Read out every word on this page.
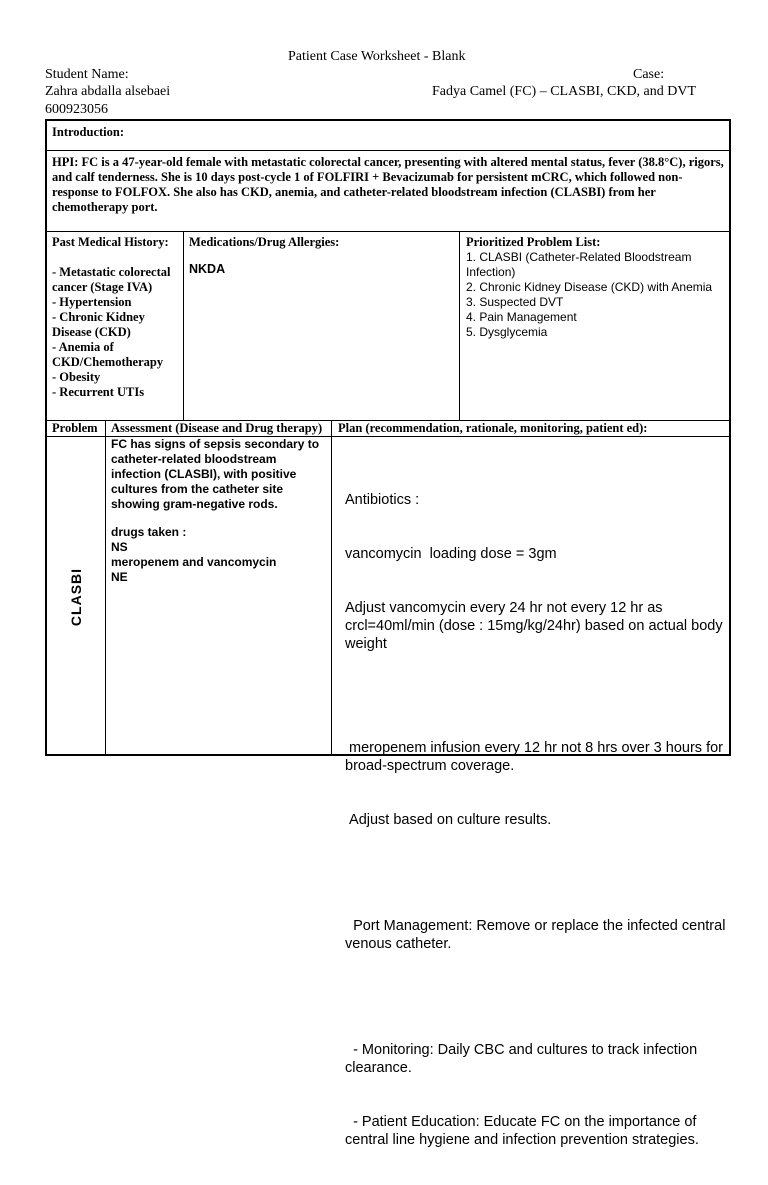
Patient Case Worksheet - Blank
Student Name:
Zahra abdalla alsebaei
600923056
Case:
Fadya Camel (FC) – CLASBI, CKD, and DVT
Introduction:
HPI: FC is a 47-year-old female with metastatic colorectal cancer, presenting with altered mental status, fever (38.8°C), rigors, and calf tenderness. She is 10 days post-cycle 1 of FOLFIRI + Bevacizumab for persistent mCRC, which followed non-response to FOLFOX. She also has CKD, anemia, and catheter-related bloodstream infection (CLASBI) from her chemotherapy port.
Past Medical History:
- Metastatic colorectal cancer (Stage IVA)
- Hypertension
- Chronic Kidney Disease (CKD)
- Anemia of CKD/Chemotherapy
- Obesity
- Recurrent UTIs
Medications/Drug Allergies:
NKDA
Prioritized Problem List:
1. CLASBI (Catheter-Related Bloodstream Infection)
2. Chronic Kidney Disease (CKD) with Anemia
3. Suspected DVT
4. Pain Management
5. Dysglycemia
Problem Assessment (Disease and Drug therapy) Plan (recommendation, rationale, monitoring, patient ed):
CLASBI
FC has signs of sepsis secondary to catheter-related bloodstream infection (CLASBI), with positive cultures from the catheter site showing gram-negative rods.
drugs taken :
NS
meropenem and vancomycin
NE

Antibiotics :

vancomycin  loading dose = 3gm

Adjust vancomycin every 24 hr not every 12 hr as crcl=40ml/min (dose : 15mg/kg/24hr) based on actual body weight

meropenem infusion every 12 hr not 8 hrs over 3 hours for broad-spectrum coverage.

Adjust based on culture results.

Port Management: Remove or replace the infected central venous catheter.

- Monitoring: Daily CBC and cultures to track infection clearance.

- Patient Education: Educate FC on the importance of central line hygiene and infection prevention strategies.
